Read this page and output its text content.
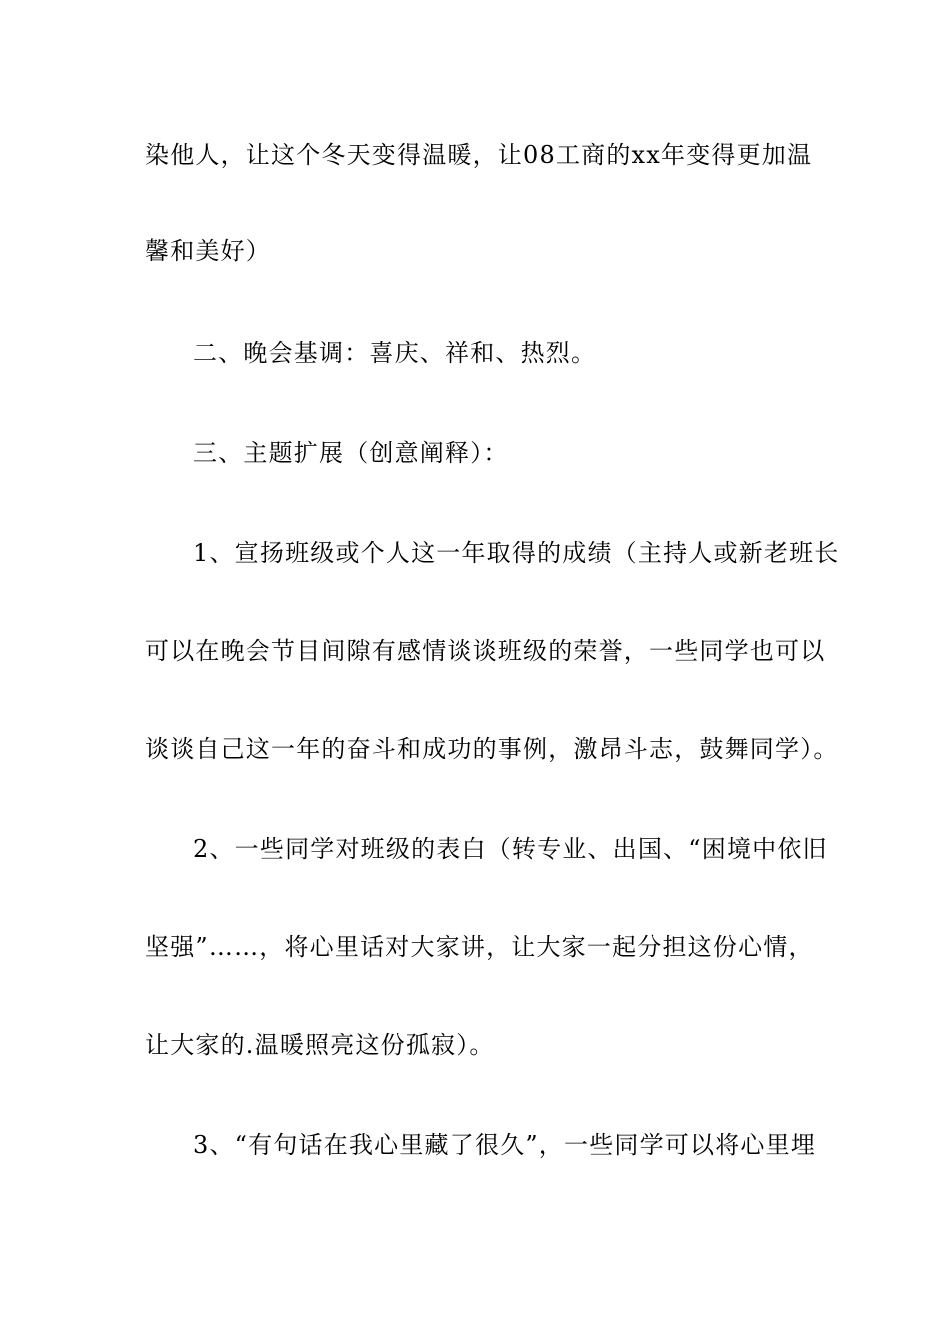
染他人，让这个冬天变得温暖，让08工商的xx年变得更加温
馨和美好）
二、晚会基调：喜庆、祥和、热烈。
三、主题扩展（创意阐释）：
1、宣扬班级或个人这一年取得的成绩（主持人或新老班长
可以在晚会节目间隙有感情谈谈班级的荣誉，一些同学也可以
谈谈自己这一年的奋斗和成功的事例，激昂斗志，鼓舞同学）。
2、一些同学对班级的表白（转专业、出国、“困境中依旧
坚强”……，将心里话对大家讲，让大家一起分担这份心情，
让大家的.温暖照亮这份孤寂）。
3、“有句话在我心里藏了很久”，一些同学可以将心里埋
